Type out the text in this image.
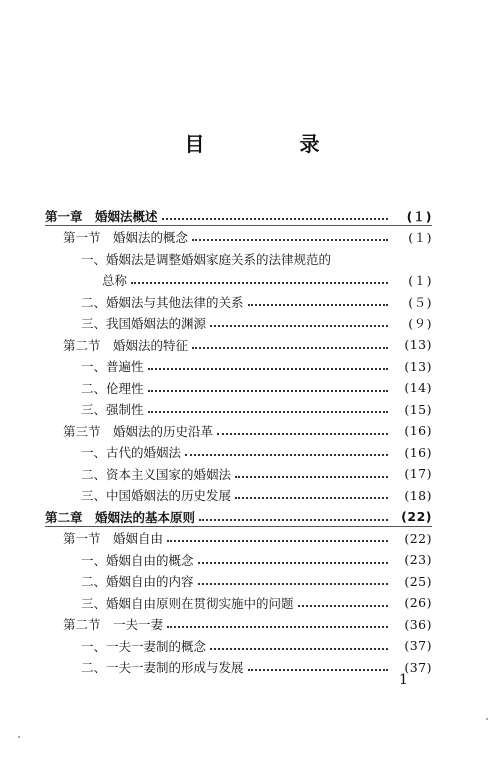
目 录
第一章　婚姻法概述	(１)
第一节　婚姻法的概念	(１)
一、婚姻法是调整婚姻家庭关系的法律规范的
总称	(１)
二、婚姻法与其他法律的关系	(５)
三、我国婚姻法的渊源	(９)
第二节　婚姻法的特征	(13)
一、普遍性	(13)
二、伦理性	(14)
三、强制性	(15)
第三节　婚姻法的历史沿革	(16)
一、古代的婚姻法	(16)
二、资本主义国家的婚姻法	(17)
三、中国婚姻法的历史发展	(18)
第二章　婚姻法的基本原则	(22)
第一节　婚姻自由	(22)
一、婚姻自由的概念	(23)
二、婚姻自由的内容	(25)
三、婚姻自由原则在贯彻实施中的问题	(26)
第二节　一夫一妻	(36)
一、一夫一妻制的概念	(37)
二、一夫一妻制的形成与发展	(37)
1
